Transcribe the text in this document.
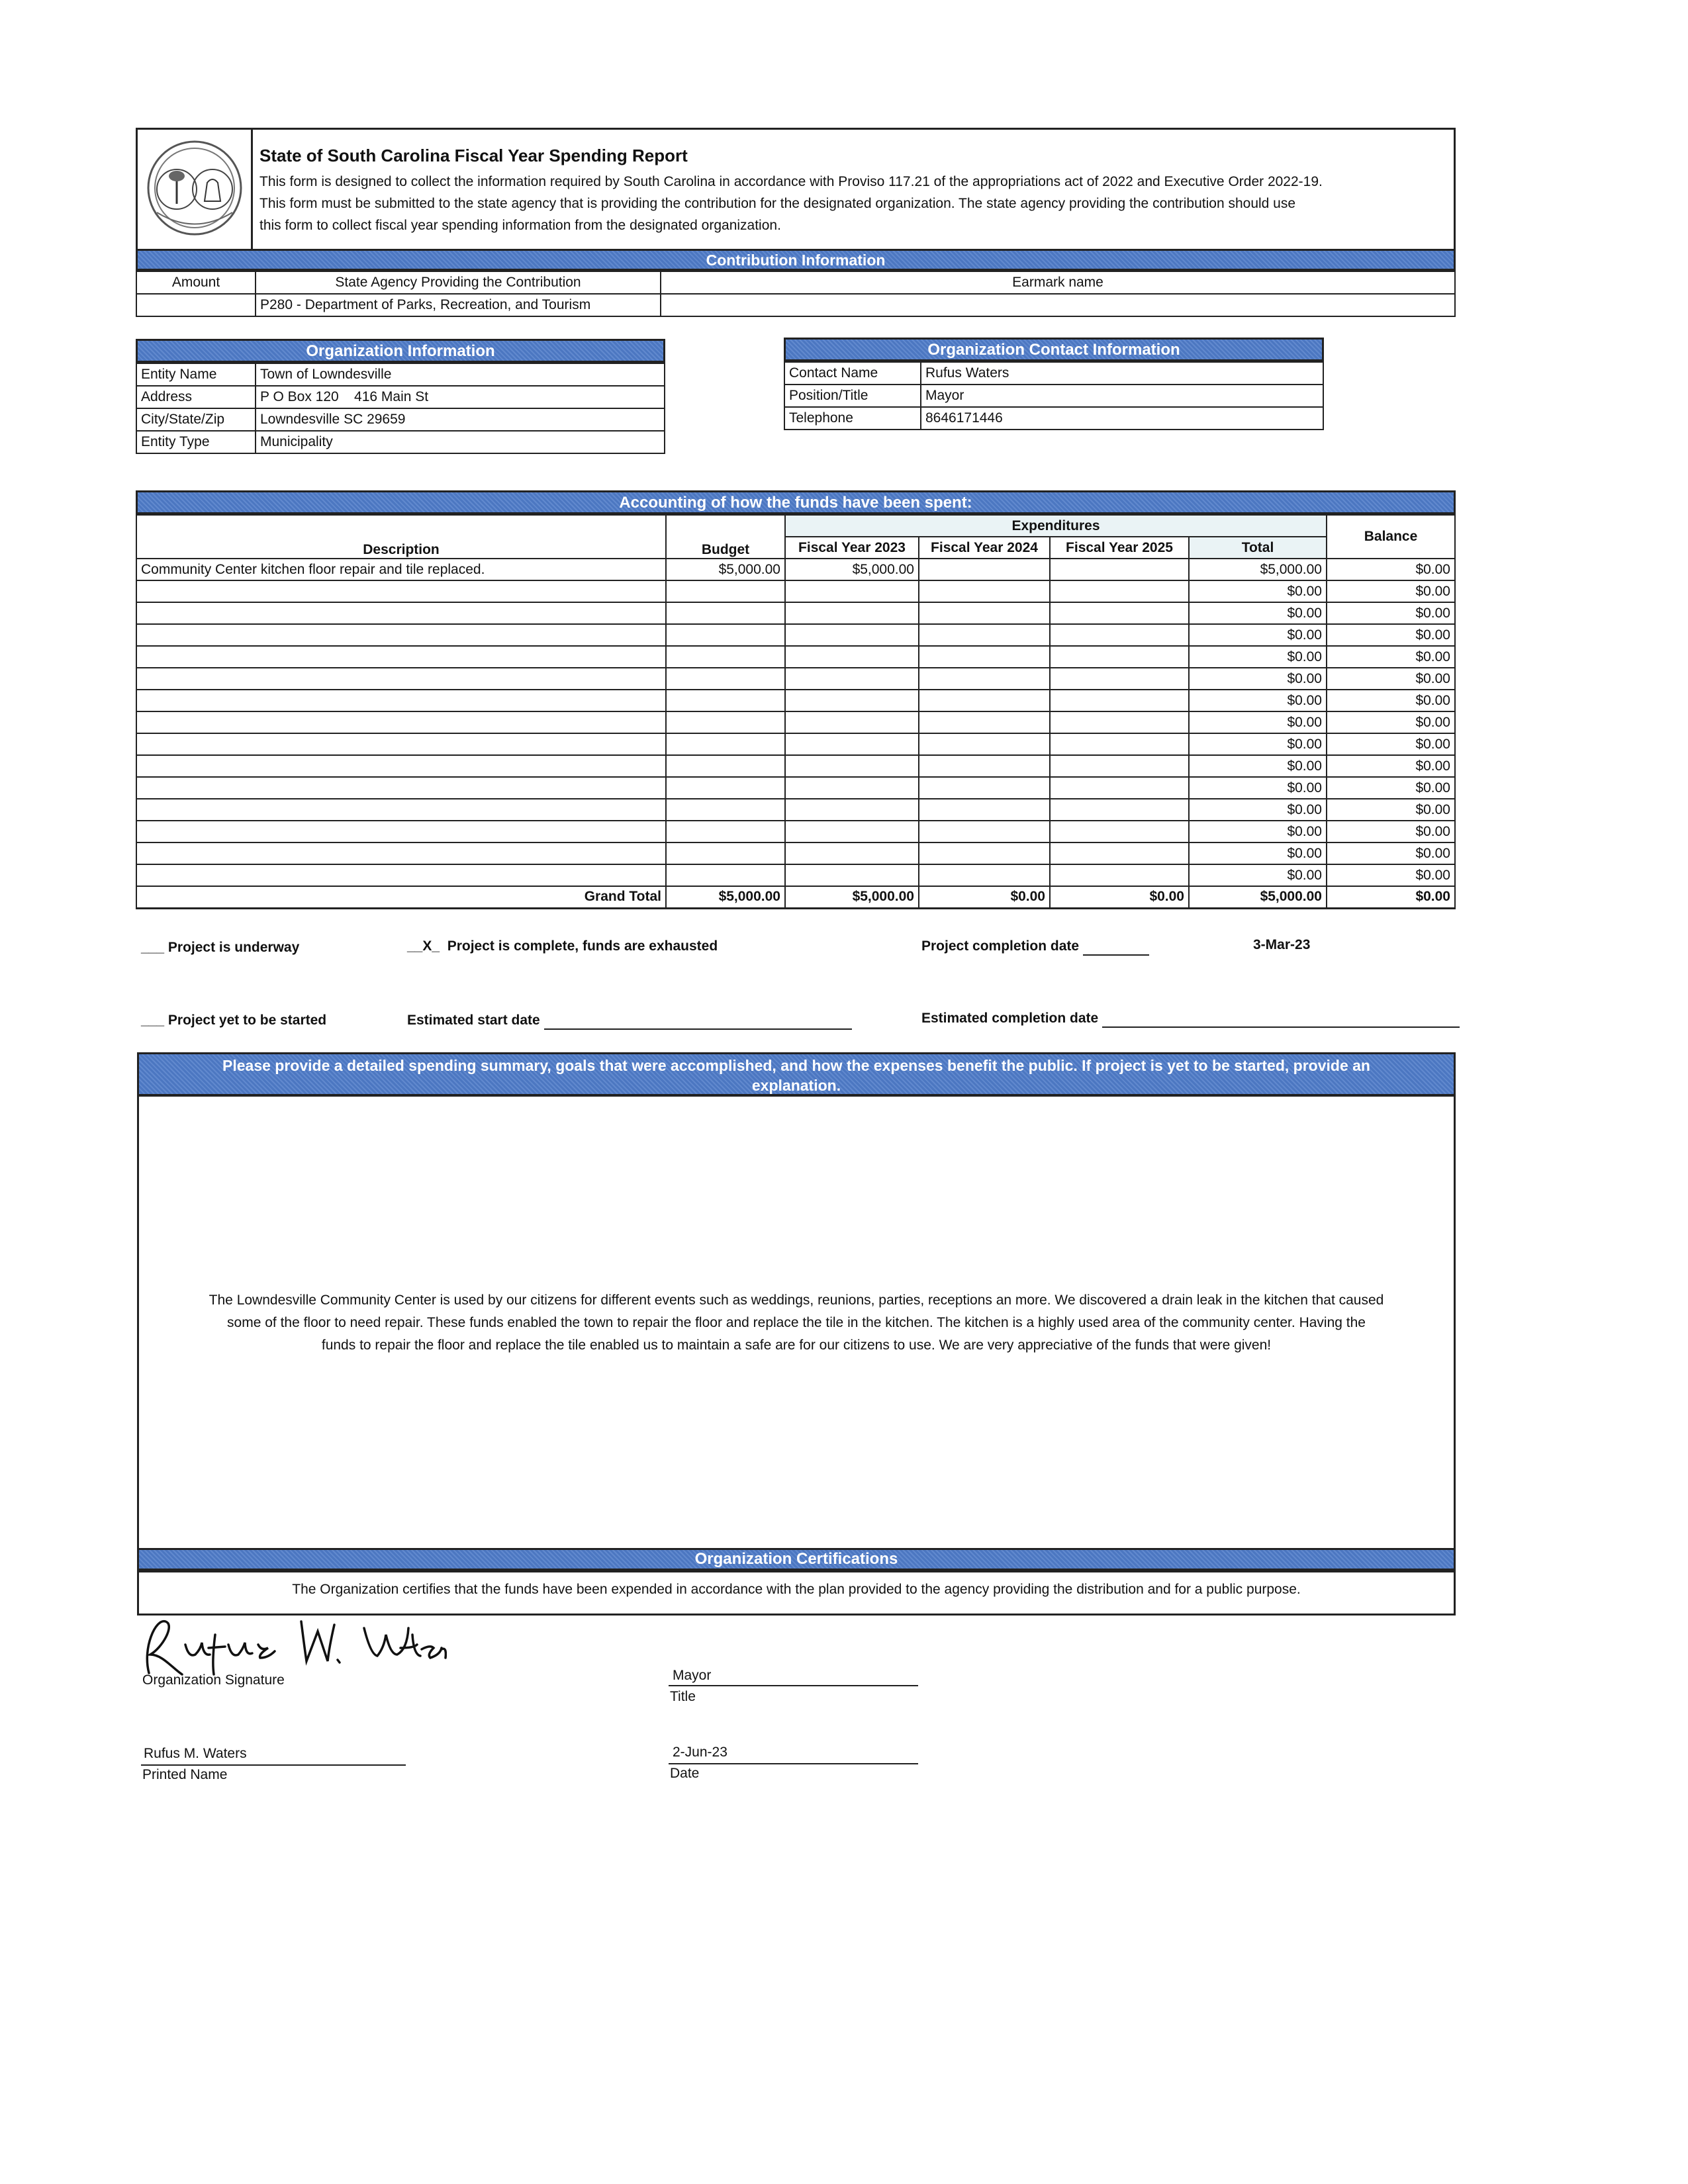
State of South Carolina Fiscal Year Spending Report
This form is designed to collect the information required by South Carolina in accordance with Proviso 117.21 of the appropriations act of 2022 and Executive Order 2022-19.
This form must be submitted to the state agency that is providing the contribution for the designated organization. The state agency providing the contribution should use
this form to collect fiscal year spending information from the designated organization.
Contribution Information
Amount	State Agency Providing the Contribution	Earmark name
	P280 - Department of Parks, Recreation, and Tourism	
Organization Information
Entity Name	Town of Lowndesville
Address	P O Box 120    416 Main St
City/State/Zip	Lowndesville SC 29659
Entity Type	Municipality
Organization Contact Information
Contact Name	Rufus Waters
Position/Title	Mayor
Telephone	8646171446
Accounting of how the funds have been spent:
Description	Budget	Expenditures				Balance
		Fiscal Year 2023	Fiscal Year 2024	Fiscal Year 2025	Total	
Community Center kitchen floor repair and tile replaced.	$5,000.00	$5,000.00			$5,000.00	$0.00
					$0.00	$0.00
					$0.00	$0.00
					$0.00	$0.00
					$0.00	$0.00
					$0.00	$0.00
					$0.00	$0.00
					$0.00	$0.00
					$0.00	$0.00
					$0.00	$0.00
					$0.00	$0.00
					$0.00	$0.00
					$0.00	$0.00
					$0.00	$0.00
					$0.00	$0.00
Grand Total	$5,000.00	$5,000.00	$0.00	$0.00	$5,000.00	$0.00
___ Project is underway	__X_ Project is complete, funds are exhausted	Project completion date	3-Mar-23
___ Project yet to be started	Estimated start date	Estimated completion date
Please provide a detailed spending summary, goals that were accomplished, and how the expenses benefit the public. If project is yet to be started, provide an
explanation.
The Lowndesville Community Center is used by our citizens for different events such as weddings, reunions, parties, receptions an more. We discovered a drain leak in the kitchen that caused
some of the floor to need repair. These funds enabled the town to repair the floor and replace the tile in the kitchen. The kitchen is a highly used area of the community center. Having the
funds to repair the floor and replace the tile enabled us to maintain a safe are for our citizens to use. We are very appreciative of the funds that were given!
Organization Certifications
The Organization certifies that the funds have been expended in accordance with the plan provided to the agency providing the distribution and for a public purpose.
Organization Signature	Mayor
Title
Rufus M. Waters
Printed Name
2-Jun-23
Date
